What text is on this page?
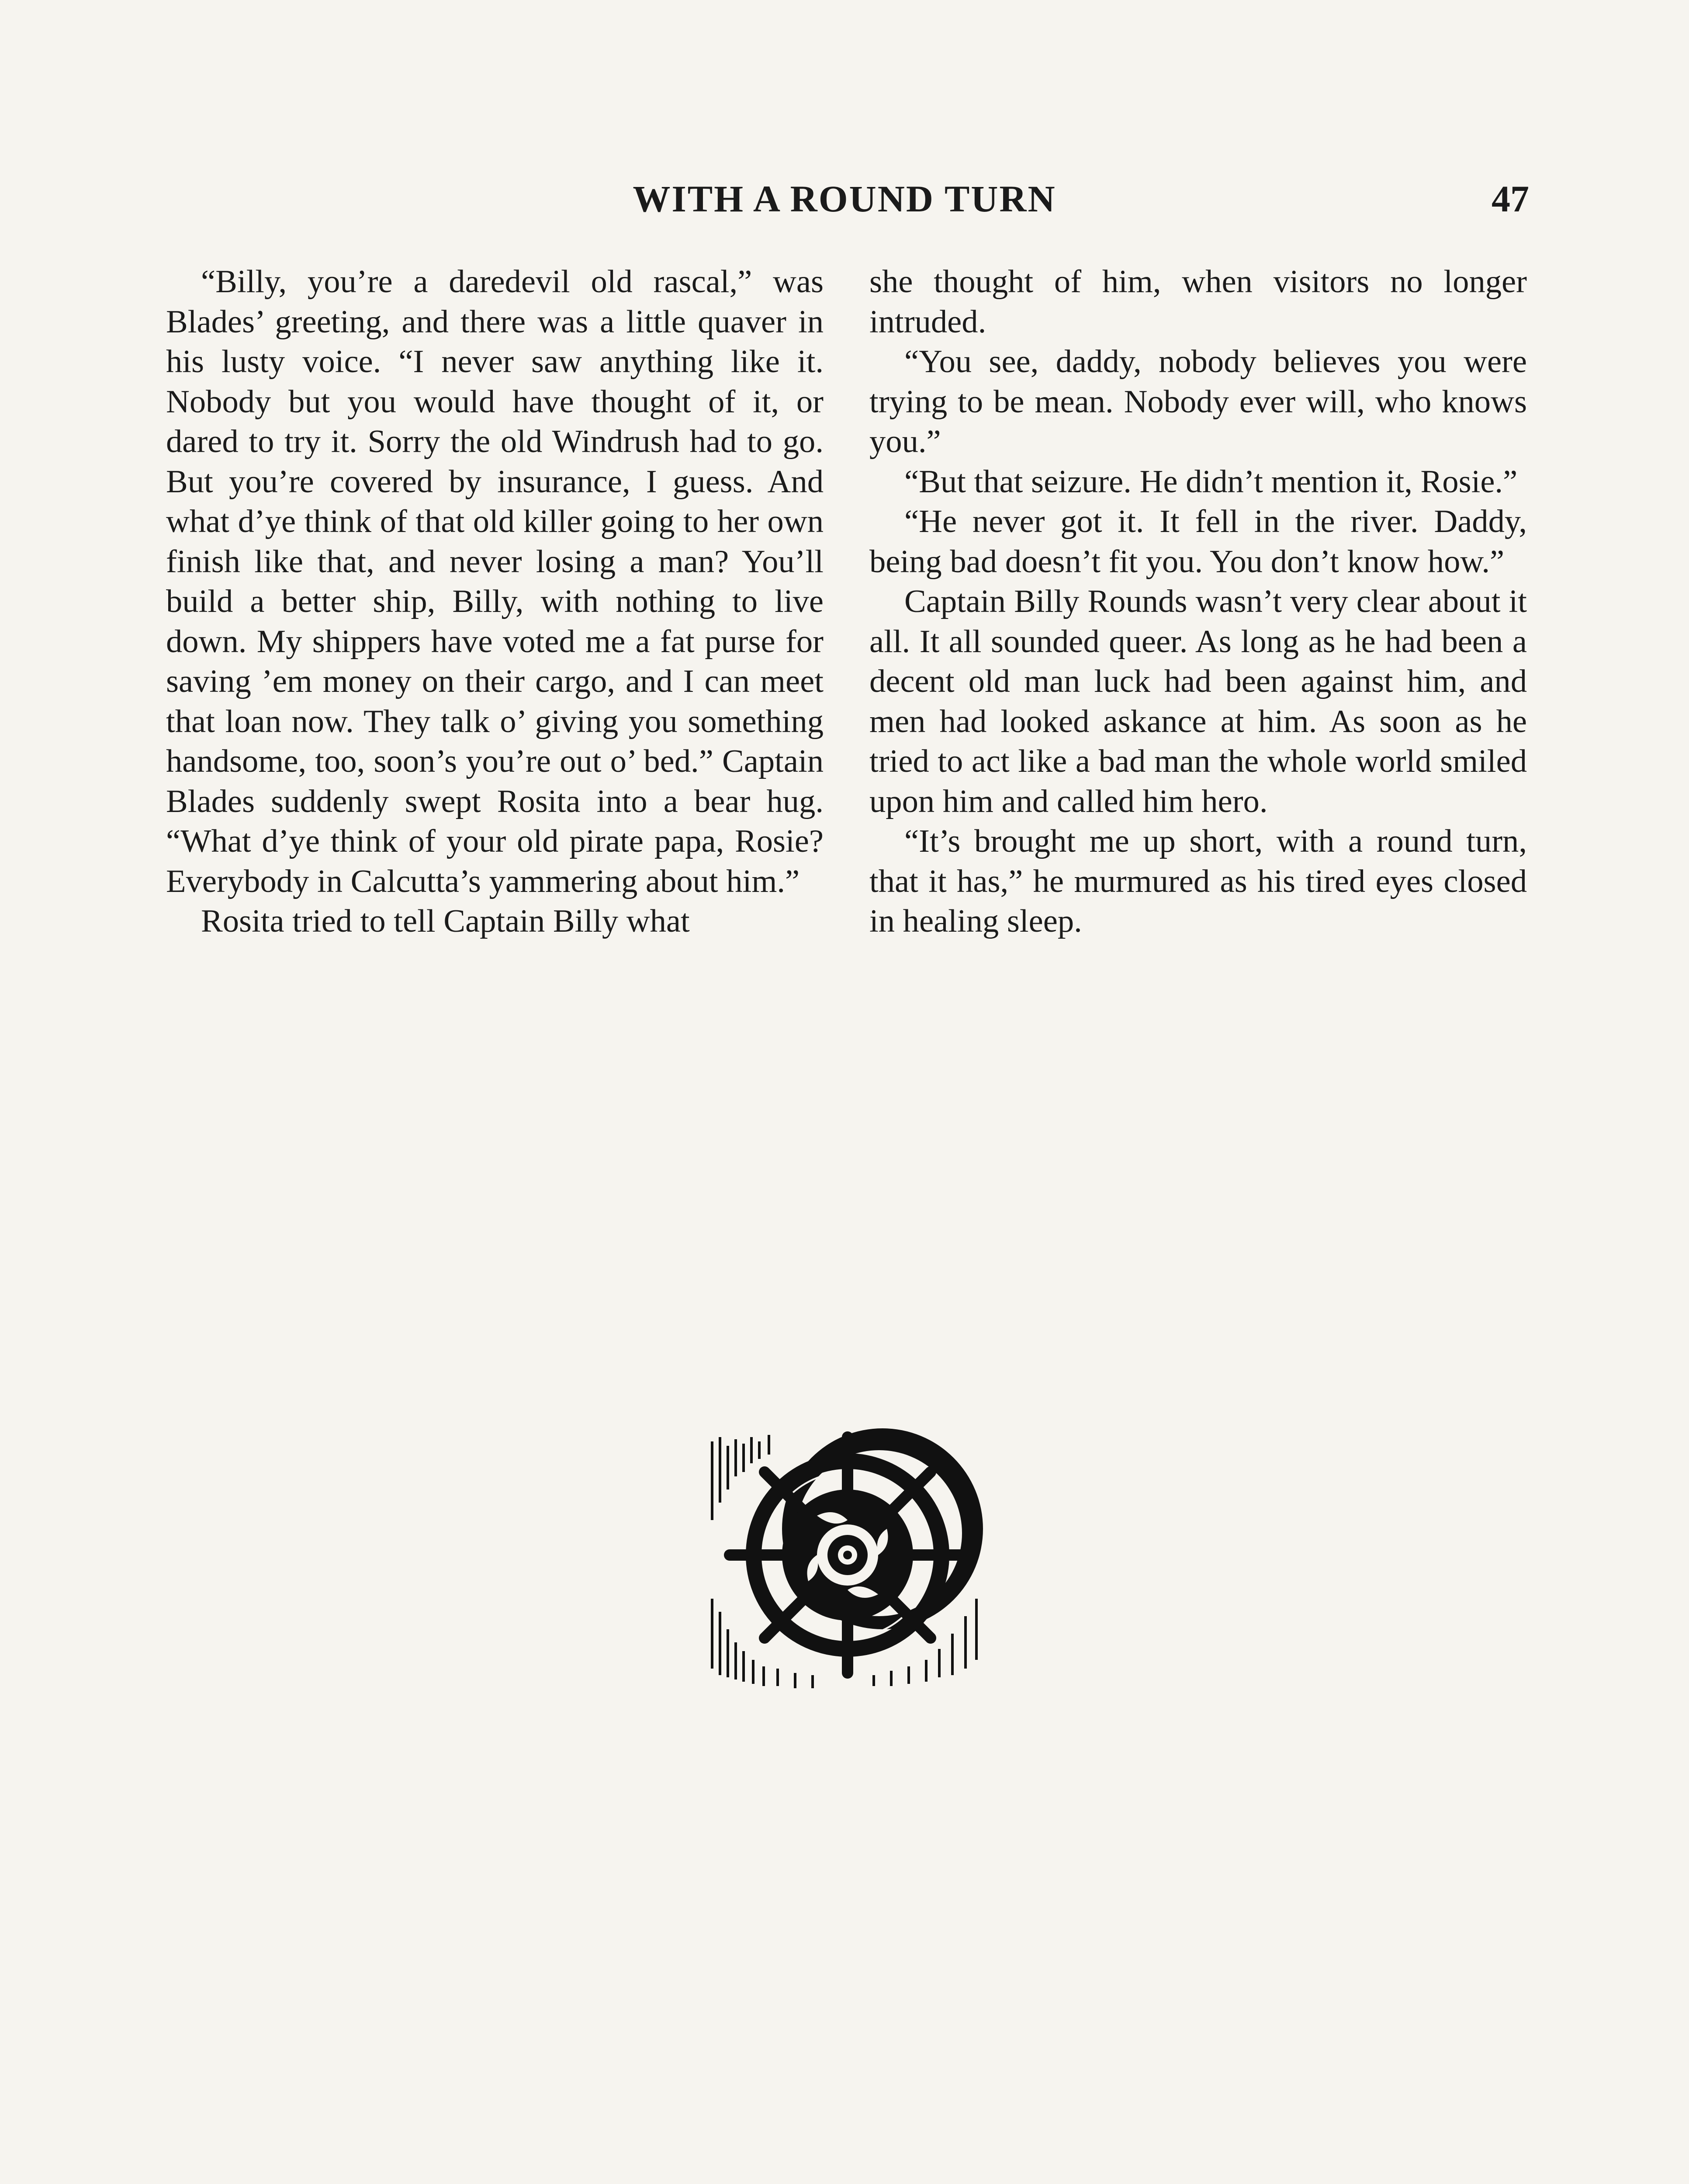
WITH A ROUND TURN	47

“Billy, you’re a daredevil old rascal,” was Blades’ greeting, and there was a little quaver in his lusty voice. “I never saw anything like it. Nobody but you would have thought of it, or dared to try it. Sorry the old Windrush had to go. But you’re covered by insurance, I guess. And what d’ye think of that old killer going to her own finish like that, and never losing a man? You’ll build a better ship, Billy, with nothing to live down. My shippers have voted me a fat purse for saving ’em money on their cargo, and I can meet that loan now. They talk o’ giving you something handsome, too, soon’s you’re out o’ bed.” Captain Blades suddenly swept Rosita into a bear hug. “What d’ye think of your old pirate papa, Rosie? Everybody in Calcutta’s yammering about him.”

Rosita tried to tell Captain Billy what

she thought of him, when visitors no longer intruded.

“You see, daddy, nobody believes you were trying to be mean. Nobody ever will, who knows you.”

“But that seizure. He didn’t mention it, Rosie.”

“He never got it. It fell in the river. Daddy, being bad doesn’t fit you. You don’t know how.”

Captain Billy Rounds wasn’t very clear about it all. It all sounded queer. As long as he had been a decent old man luck had been against him, and men had looked askance at him. As soon as he tried to act like a bad man the whole world smiled upon him and called him hero.

“It’s brought me up short, with a round turn, that it has,” he murmured as his tired eyes closed in healing sleep.
